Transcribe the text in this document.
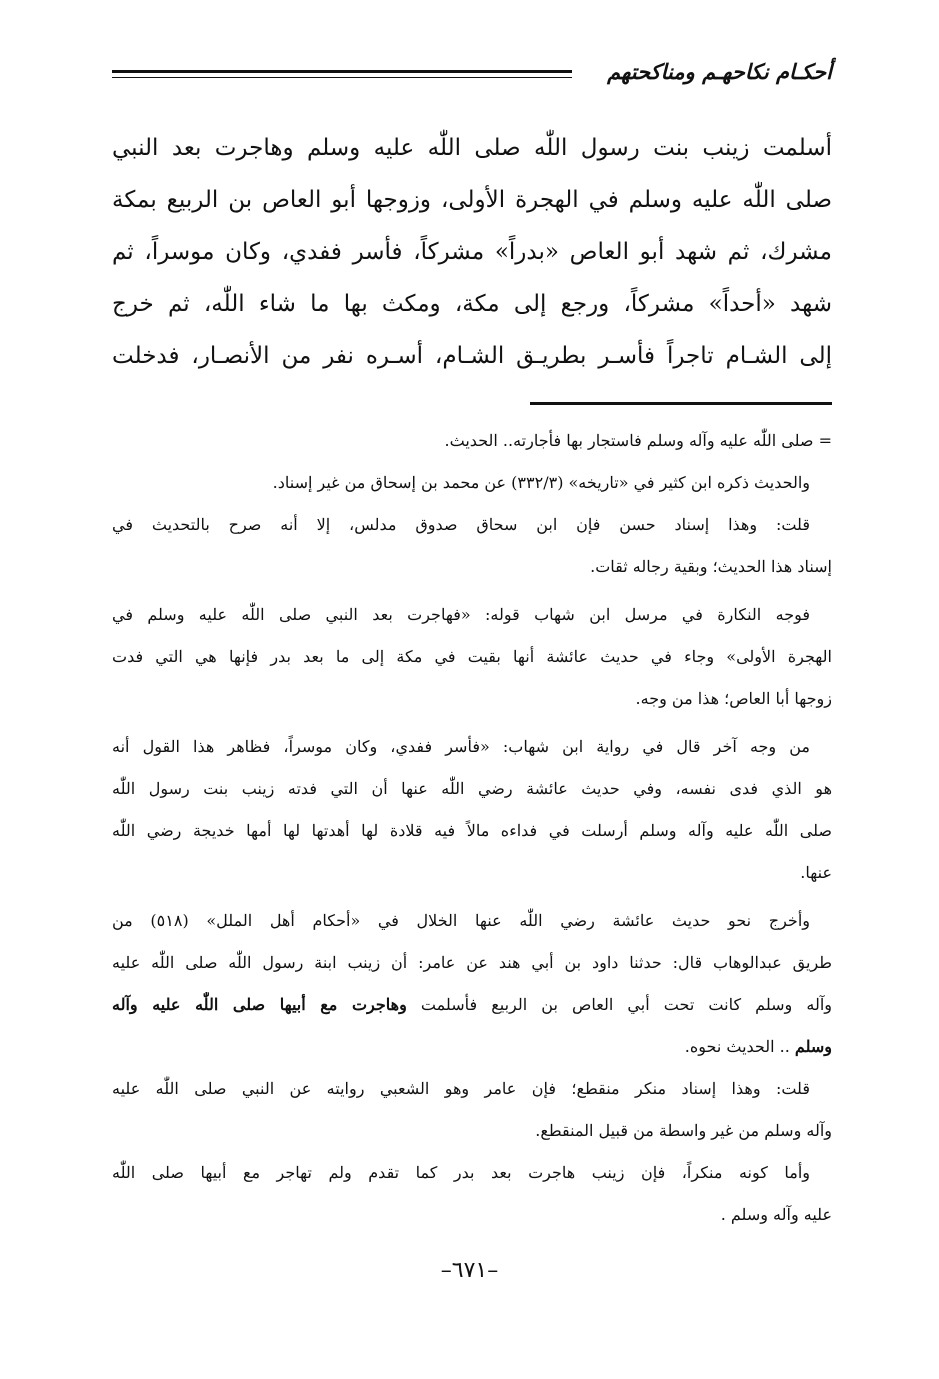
أحكـام نكاحهـم ومناكحتهم
أسلمت زينب بنت رسول اللّٰه صلى اللّٰه عليه وسلم وهاجرت بعد النبي
صلى اللّٰه عليه وسلم في الهجرة الأولى، وزوجها أبو العاص بن الربيع بمكة
مشرك، ثم شهد أبو العاص «بدراً» مشركاً، فأسر ففدي، وكان موسراً، ثم
شهد «أحداً» مشركاً، ورجع إلى مكة، ومكث بها ما شاء اللّٰه، ثم خرج
إلى الشـام تاجراً فأسـر بطريـق الشـام، أسـره نفر من الأنصـار، فدخلت
= صلى اللّٰه عليه وآله وسلم فاستجار بها فأجارته.. الحديث.
والحديث ذكره ابن كثير في «تاريخه» (٣٣٢/٣) عن محمد بن إسحاق من غير إسناد.
قلت: وهذا إسناد حسن فإن ابن سحاق صدوق مدلس، إلا أنه صرح بالتحديث في
إسناد هذا الحديث؛ وبقية رجاله ثقات.
فوجه النكارة في مرسل ابن شهاب قوله: «فهاجرت بعد النبي صلى اللّٰه عليه وسلم في
الهجرة الأولى» وجاء في حديث عائشة أنها بقيت في مكة إلى ما بعد بدر فإنها هي التي فدت
زوجها أبا العاص؛ هذا من وجه.
من وجه آخر قال في رواية ابن شهاب: «فأسر ففدي، وكان موسراً، فظاهر هذا القول أنه
هو الذي فدى نفسه، وفي حديث عائشة رضي اللّٰه عنها أن التي فدته زينب بنت رسول اللّٰه
صلى اللّٰه عليه وآله وسلم أرسلت في فداءه مالاً فيه قلادة لها أهدتها لها أمها خديجة رضي اللّٰه
عنها.
وأخرج نحو حديث عائشة رضي اللّٰه عنها الخلال في «أحكام أهل الملل» (٥١٨) من
طريق عبدالوهاب قال: حدثنا داود بن أبي هند عن عامر: أن زينب ابنة رسول اللّٰه صلى اللّٰه عليه
وآله وسلم كانت تحت أبي العاص بن الربيع فأسلمت وهاجرت مع أبيها صلى اللّٰه عليه وآله
وسلم .. الحديث نحوه.
قلت: وهذا إسناد منكر منقطع؛ فإن عامر وهو الشعبي روايته عن النبي صلى اللّٰه عليه
وآله وسلم من غير واسطة من قبيل المنقطع.
وأما كونه منكراً، فإن زينب هاجرت بعد بدر كما تقدم ولم تهاجر مع أبيها صلى اللّٰه
عليه وآله وسلم .
–٦٧١–
